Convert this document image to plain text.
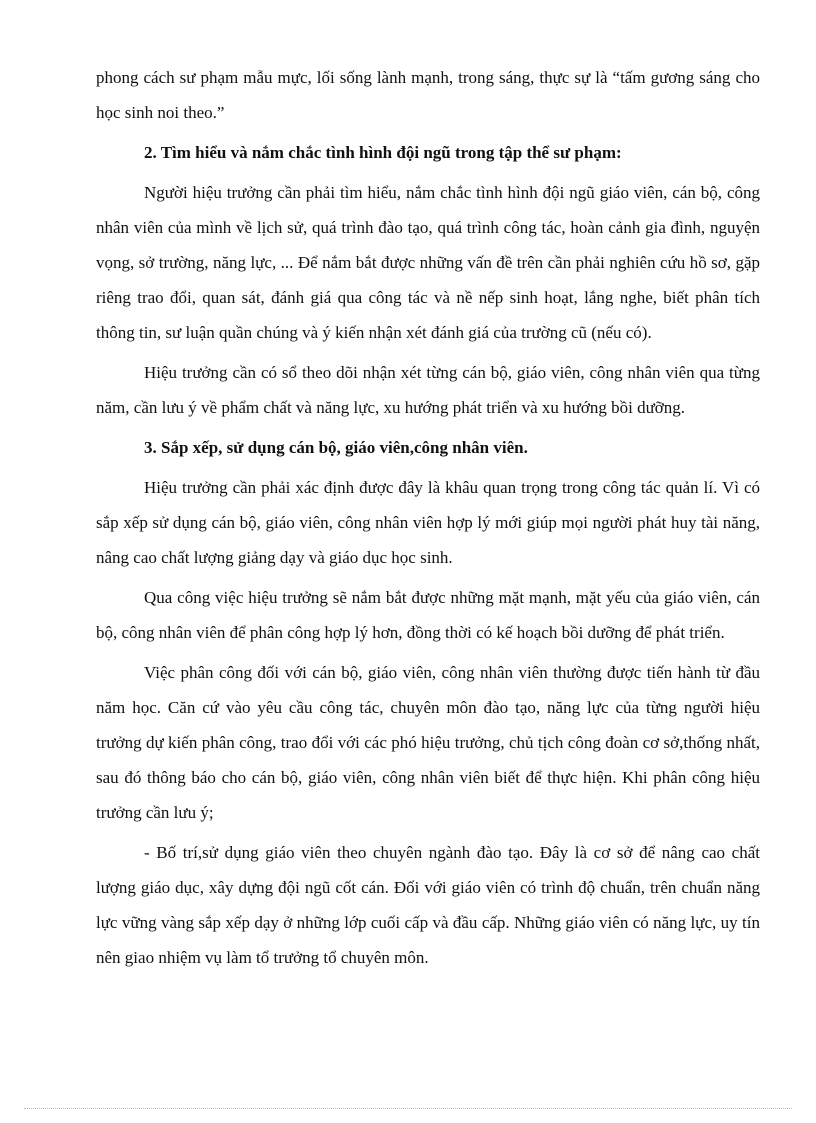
phong cách sư phạm mẫu mực, lối sống lành mạnh, trong sáng, thực sự là “tấm gương sáng cho học sinh noi theo.”

2. Tìm hiểu và nắm chắc tình hình đội ngũ trong tập thể sư phạm:

Người hiệu trưởng cần phải tìm hiểu, nắm chắc tình hình đội ngũ giáo viên, cán bộ, công nhân viên của mình về lịch sử, quá trình đào tạo, quá trình công tác, hoàn cảnh gia đình, nguyện vọng, sở trường, năng lực, ... Để nắm bắt được những vấn đề trên cần phải nghiên cứu hồ sơ, gặp riêng trao đổi, quan sát, đánh giá qua công tác và nề nếp sinh hoạt, lắng nghe, biết phân tích thông tin, sư luận quần chúng và ý kiến nhận xét đánh giá của trường cũ (nếu có).

Hiệu trưởng cần có sổ theo dõi nhận xét từng cán bộ, giáo viên, công nhân viên qua từng năm, cần lưu ý về phẩm chất và năng lực, xu hướng phát triển và xu hướng bồi dưỡng.

3. Sắp xếp, sử dụng cán bộ, giáo viên,công nhân viên.

Hiệu trưởng cần phải xác định được đây là khâu quan trọng trong công tác quản lí. Vì có sắp xếp sử dụng cán bộ, giáo viên, công nhân viên hợp lý mới giúp mọi người phát huy tài năng, nâng cao chất lượng giảng dạy và giáo dục học sinh.

Qua công việc hiệu trưởng sẽ nắm bắt được những mặt mạnh, mặt yếu của giáo viên, cán bộ, công nhân viên để phân công hợp lý hơn, đồng thời có kế hoạch bồi dưỡng để phát triển.

Việc phân công đối với cán bộ, giáo viên, công nhân viên thường được tiến hành từ đầu năm học. Căn cứ vào yêu cầu công tác, chuyên môn đào tạo, năng lực của từng người hiệu trưởng dự kiến phân công, trao đổi với các phó hiệu trưởng, chủ tịch công đoàn cơ sở,thống nhất, sau đó thông báo cho cán bộ, giáo viên, công nhân viên biết để thực hiện. Khi phân công hiệu trưởng cần lưu ý;

- Bố trí,sử dụng giáo viên theo chuyên ngành đào tạo. Đây là cơ sở để nâng cao chất lượng giáo dục, xây dựng đội ngũ cốt cán. Đối với giáo viên có trình độ chuẩn, trên chuẩn năng lực vững vàng sắp xếp dạy ở những lớp cuối cấp và đầu cấp. Những giáo viên có năng lực, uy tín nên giao nhiệm vụ làm tổ trưởng tổ chuyên môn.
